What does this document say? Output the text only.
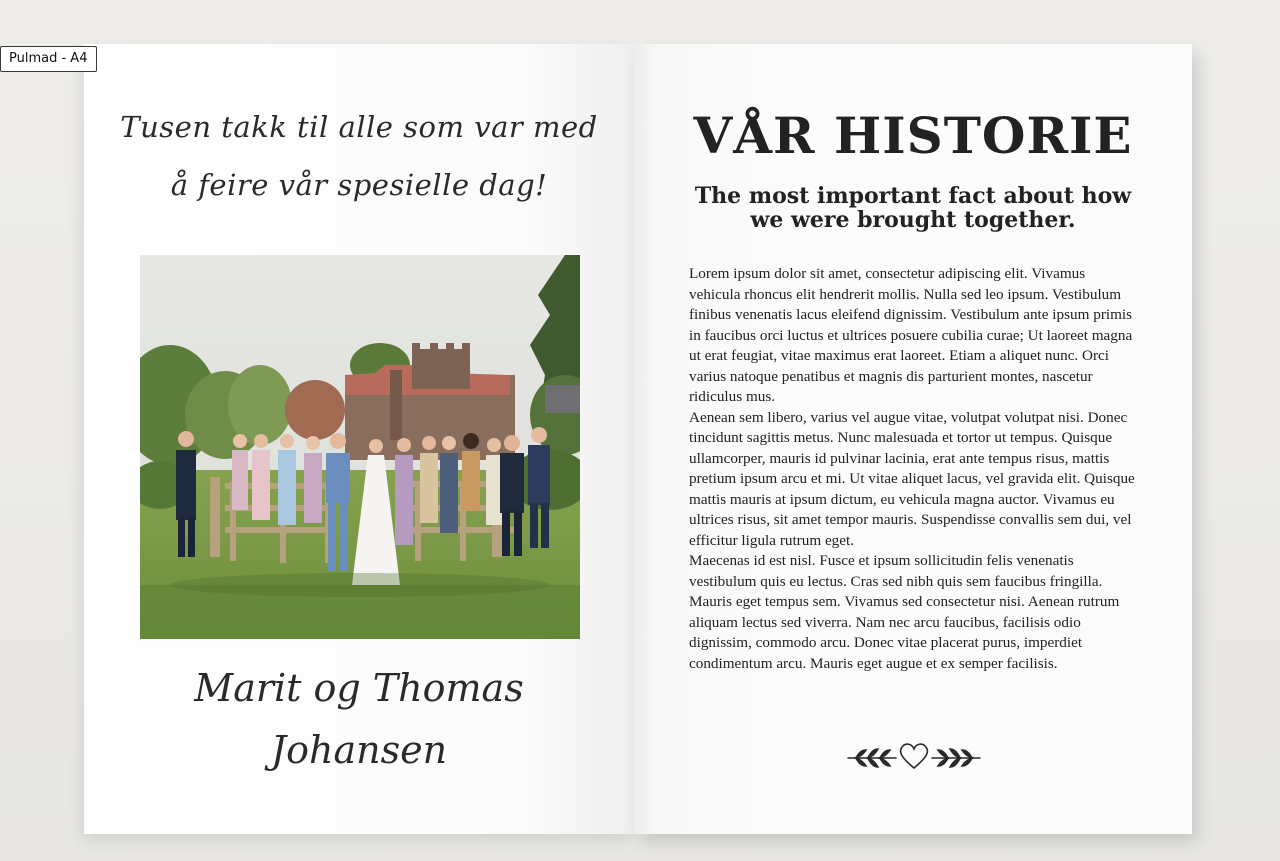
Pulmad - A4
Tusen takk til alle som var med
å feire vår spesielle dag!
Marit og Thomas
Johansen
VÅR HISTORIE
The most important fact about how we were brought together.

Lorem ipsum dolor sit amet, consectetur adipiscing elit. Vivamus vehicula rhoncus elit hendrerit mollis. Nulla sed leo ipsum. Vestibulum finibus venenatis lacus eleifend dignissim. Vestibulum ante ipsum primis in faucibus orci luctus et ultrices posuere cubilia curae; Ut laoreet magna ut erat feugiat, vitae maximus erat laoreet. Etiam a aliquet nunc. Orci varius natoque penatibus et magnis dis parturient montes, nascetur ridiculus mus.

Aenean sem libero, varius vel augue vitae, volutpat volutpat nisi. Donec tincidunt sagittis metus. Nunc malesuada et tortor ut tempus. Quisque ullamcorper, mauris id pulvinar lacinia, erat ante tempus risus, mattis pretium ipsum arcu et mi. Ut vitae aliquet lacus, vel gravida elit. Quisque mattis mauris at ipsum dictum, eu vehicula magna auctor. Vivamus eu ultrices risus, sit amet tempor mauris. Suspendisse convallis sem dui, vel efficitur ligula rutrum eget.

Maecenas id est nisl. Fusce et ipsum sollicitudin felis venenatis vestibulum quis eu lectus. Cras sed nibh quis sem faucibus fringilla. Mauris eget tempus sem. Vivamus sed consectetur nisi. Aenean rutrum aliquam lectus sed viverra. Nam nec arcu faucibus, facilisis odio dignissim, commodo arcu. Donec vitae placerat purus, imperdiet condimentum arcu. Mauris eget augue et ex semper facilisis.
